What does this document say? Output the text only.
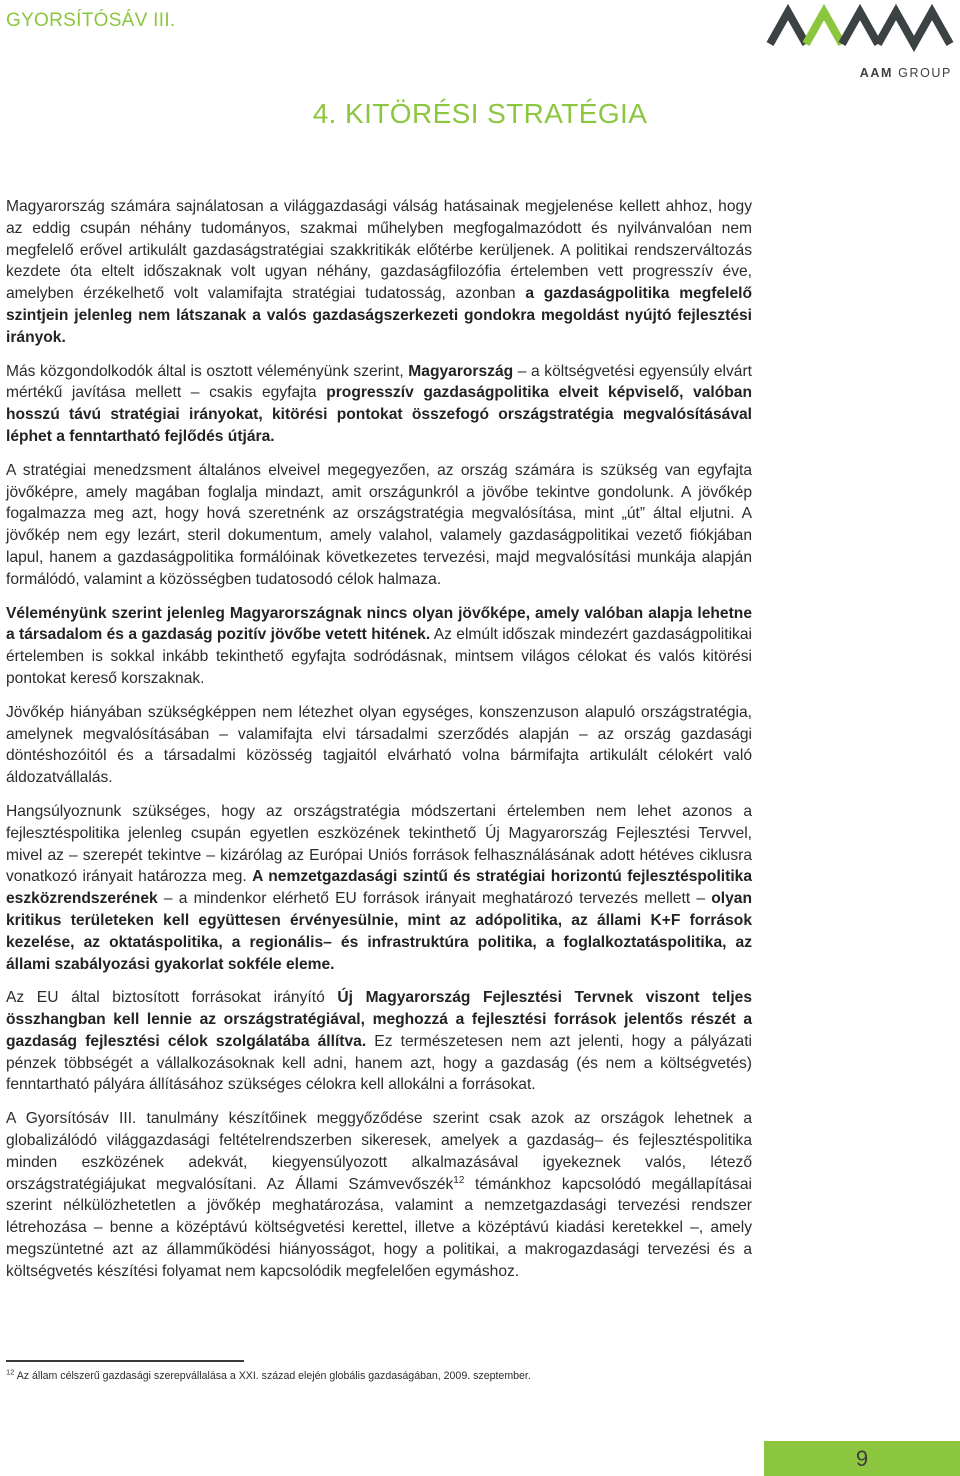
GYORSÍTÓSÁV III.
AAM GROUP
4. KITÖRÉSI STRATÉGIA

Magyarország számára sajnálatosan a világgazdasági válság hatásainak megjelenése kellett ahhoz, hogy az eddig csupán néhány tudományos, szakmai műhelyben megfogalmazódott és nyilvánvalóan nem megfelelő erővel artikulált gazdaságstratégiai szakkritikák előtérbe kerüljenek. A politikai rendszerváltozás kezdete óta eltelt időszaknak volt ugyan néhány, gazdaságfilozófia értelemben vett progresszív éve, amelyben érzékelhető volt valamifajta stratégiai tudatosság, azonban a gazdaságpolitika megfelelő szintjein jelenleg nem látszanak a valós gazdaságszerkezeti gondokra megoldást nyújtó fejlesztési irányok.

Más közgondolkodók által is osztott véleményünk szerint, Magyarország – a költségvetési egyensúly elvárt mértékű javítása mellett – csakis egyfajta progresszív gazdaságpolitika elveit képviselő, valóban hosszú távú stratégiai irányokat, kitörési pontokat összefogó országstratégia megvalósításával léphet a fenntartható fejlődés útjára.

A stratégiai menedzsment általános elveivel megegyezően, az ország számára is szükség van egyfajta jövőképre, amely magában foglalja mindazt, amit országunkról a jövőbe tekintve gondolunk. A jövőkép fogalmazza meg azt, hogy hová szeretnénk az országstratégia megvalósítása, mint „út” által eljutni. A jövőkép nem egy lezárt, steril dokumentum, amely valahol, valamely gazdaságpolitikai vezető fiókjában lapul, hanem a gazdaságpolitika formálóinak következetes tervezési, majd megvalósítási munkája alapján formálódó, valamint a közösségben tudatosodó célok halmaza.

Véleményünk szerint jelenleg Magyarországnak nincs olyan jövőképe, amely valóban alapja lehetne a társadalom és a gazdaság pozitív jövőbe vetett hitének. Az elmúlt időszak mindezért gazdaságpolitikai értelemben is sokkal inkább tekinthető egyfajta sodródásnak, mintsem világos célokat és valós kitörési pontokat kereső korszaknak.

Jövőkép hiányában szükségképpen nem létezhet olyan egységes, konszenzuson alapuló országstratégia, amelynek megvalósításában – valamifajta elvi társadalmi szerződés alapján – az ország gazdasági döntéshozóitól és a társadalmi közösség tagjaitól elvárható volna bármifajta artikulált célokért való áldozatvállalás.

Hangsúlyoznunk szükséges, hogy az országstratégia módszertani értelemben nem lehet azonos a fejlesztéspolitika jelenleg csupán egyetlen eszközének tekinthető Új Magyarország Fejlesztési Tervvel, mivel az – szerepét tekintve – kizárólag az Európai Uniós források felhasználásának adott hétéves ciklusra vonatkozó irányait határozza meg. A nemzetgazdasági szintű és stratégiai horizontú fejlesztéspolitika eszközrendszerének – a mindenkor elérhető EU források irányait meghatározó tervezés mellett – olyan kritikus területeken kell együttesen érvényesülnie, mint az adópolitika, az állami K+F források kezelése, az oktatáspolitika, a regionális– és infrastruktúra politika, a foglalkoztatáspolitika, az állami szabályozási gyakorlat sokféle eleme.

Az EU által biztosított forrásokat irányító Új Magyarország Fejlesztési Tervnek viszont teljes összhangban kell lennie az országstratégiával, meghozzá a fejlesztési források jelentős részét a gazdaság fejlesztési célok szolgálatába állítva. Ez természetesen nem azt jelenti, hogy a pályázati pénzek többségét a vállalkozásoknak kell adni, hanem azt, hogy a gazdaság (és nem a költségvetés) fenntartható pályára állításához szükséges célokra kell allokálni a forrásokat.

A Gyorsítósáv III. tanulmány készítőinek meggyőződése szerint csak azok az országok lehetnek a globalizálódó világgazdasági feltételrendszerben sikeresek, amelyek a gazdaság– és fejlesztéspolitika minden eszközének adekvát, kiegyensúlyozott alkalmazásával igyekeznek valós, létező országstratégiájukat megvalósítani. Az Állami Számvevőszék$^{12}$ témánkhoz kapcsolódó megállapításai szerint nélkülözhetetlen a jövőkép meghatározása, valamint a nemzetgazdasági tervezési rendszer létrehozása – benne a középtávú költségvetési kerettel, illetve a középtávú kiadási keretekkel –, amely megszüntetné azt az államműködési hiányosságot, hogy a politikai, a makrogazdasági tervezési és a költségvetés készítési folyamat nem kapcsolódik megfelelően egymáshoz.

$^{12}$ Az állam célszerű gazdasági szerepvállalása a XXI. század elején globális gazdaságában, 2009. szeptember.
9
